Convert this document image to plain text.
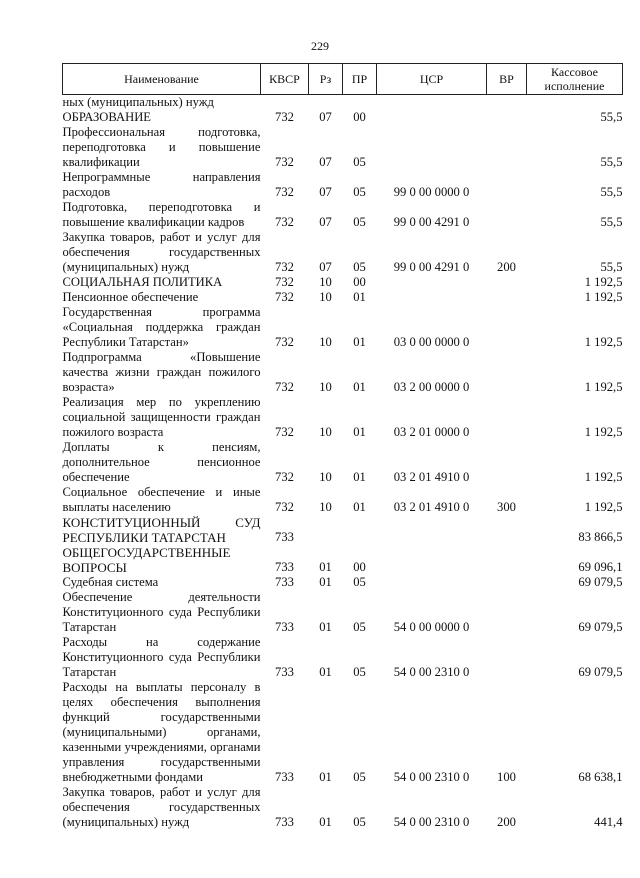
229
Наименование	КВСР	Рз	ПР	ЦСР	ВР	Кассовое исполнение
ных (муниципальных) нужд						
ОБРАЗОВАНИЕ	732	07	00			55,5
Профессиональная подготовка, переподготовка и повышение квалификации	732	07	05			55,5
Непрограммные направления расходов	732	07	05	99 0 00 0000 0		55,5
Подготовка, переподготовка и повышение квалификации кадров	732	07	05	99 0 00 4291 0		55,5
Закупка товаров, работ и услуг для обеспечения государственных (муниципальных) нужд	732	07	05	99 0 00 4291 0	200	55,5
СОЦИАЛЬНАЯ ПОЛИТИКА	732	10	00			1 192,5
Пенсионное обеспечение	732	10	01			1 192,5
Государственная программа «Социальная поддержка граждан Республики Татарстан»	732	10	01	03 0 00 0000 0		1 192,5
Подпрограмма «Повышение качества жизни граждан пожилого возраста»	732	10	01	03 2 00 0000 0		1 192,5
Реализация мер по укреплению социальной защищенности граждан пожилого возраста	732	10	01	03 2 01 0000 0		1 192,5
Доплаты к пенсиям, дополнительное пенсионное обеспечение	732	10	01	03 2 01 4910 0		1 192,5
Социальное обеспечение и иные выплаты населению	732	10	01	03 2 01 4910 0	300	1 192,5
КОНСТИТУЦИОННЫЙ СУД РЕСПУБЛИКИ ТАТАРСТАН	733					83 866,5
ОБЩЕГОСУДАРСТВЕННЫЕ ВОПРОСЫ	733	01	00			69 096,1
Судебная система	733	01	05			69 079,5
Обеспечение деятельности Конституционного суда Республики Татарстан	733	01	05	54 0 00 0000 0		69 079,5
Расходы на содержание Конституционного суда Республики Татарстан	733	01	05	54 0 00 2310 0		69 079,5
Расходы на выплаты персоналу в целях обеспечения выполнения функций государственными (муниципальными) органами, казенными учреждениями, органами управления государственными внебюджетными фондами	733	01	05	54 0 00 2310 0	100	68 638,1
Закупка товаров, работ и услуг для обеспечения государственных (муниципальных) нужд	733	01	05	54 0 00 2310 0	200	441,4
